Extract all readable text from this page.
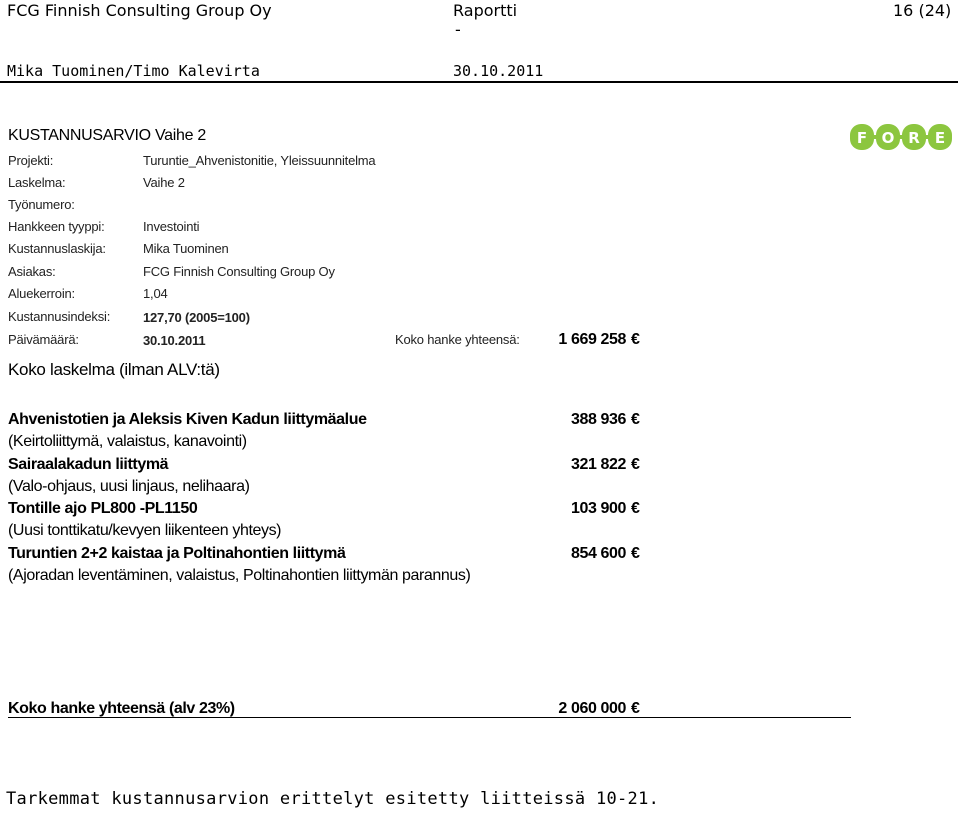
FCG Finnish Consulting Group Oy	Raportti
-
16 (24)
Mika Tuominen/Timo Kalevirta	30.10.2011
F O R E
KUSTANNUSARVIO Vaihe 2
Projekti:	Turuntie_Ahvenistonitie, Yleissuunnitelma
Laskelma:	Vaihe 2
Työnumero:
Hankkeen tyyppi:	Investointi
Kustannuslaskija:	Mika Tuominen
Asiakas:	FCG Finnish Consulting Group Oy
Aluekerroin:	1,04
Kustannusindeksi:	127,70 (2005=100)
Päivämäärä:	30.10.2011	Koko hanke yhteensä:	1 669 258 €
Koko laskelma (ilman ALV:tä)
Ahvenistotien ja Aleksis Kiven Kadun liittymäalue	388 936 €
(Keirtoliittymä, valaistus, kanavointi)
Sairaalakadun liittymä	321 822 €
(Valo-ohjaus, uusi linjaus, nelihaara)
Tontille ajo PL800 -PL1150	103 900 €
(Uusi tonttikatu/kevyen liikenteen yhteys)
Turuntien 2+2 kaistaa ja Poltinahontien liittymä	854 600 €
(Ajoradan leventäminen, valaistus, Poltinahontien liittymän parannus)
Koko hanke yhteensä (alv 23%)	2 060 000 €
Tarkemmat kustannusarvion erittelyt esitetty liitteissä 10-21.
